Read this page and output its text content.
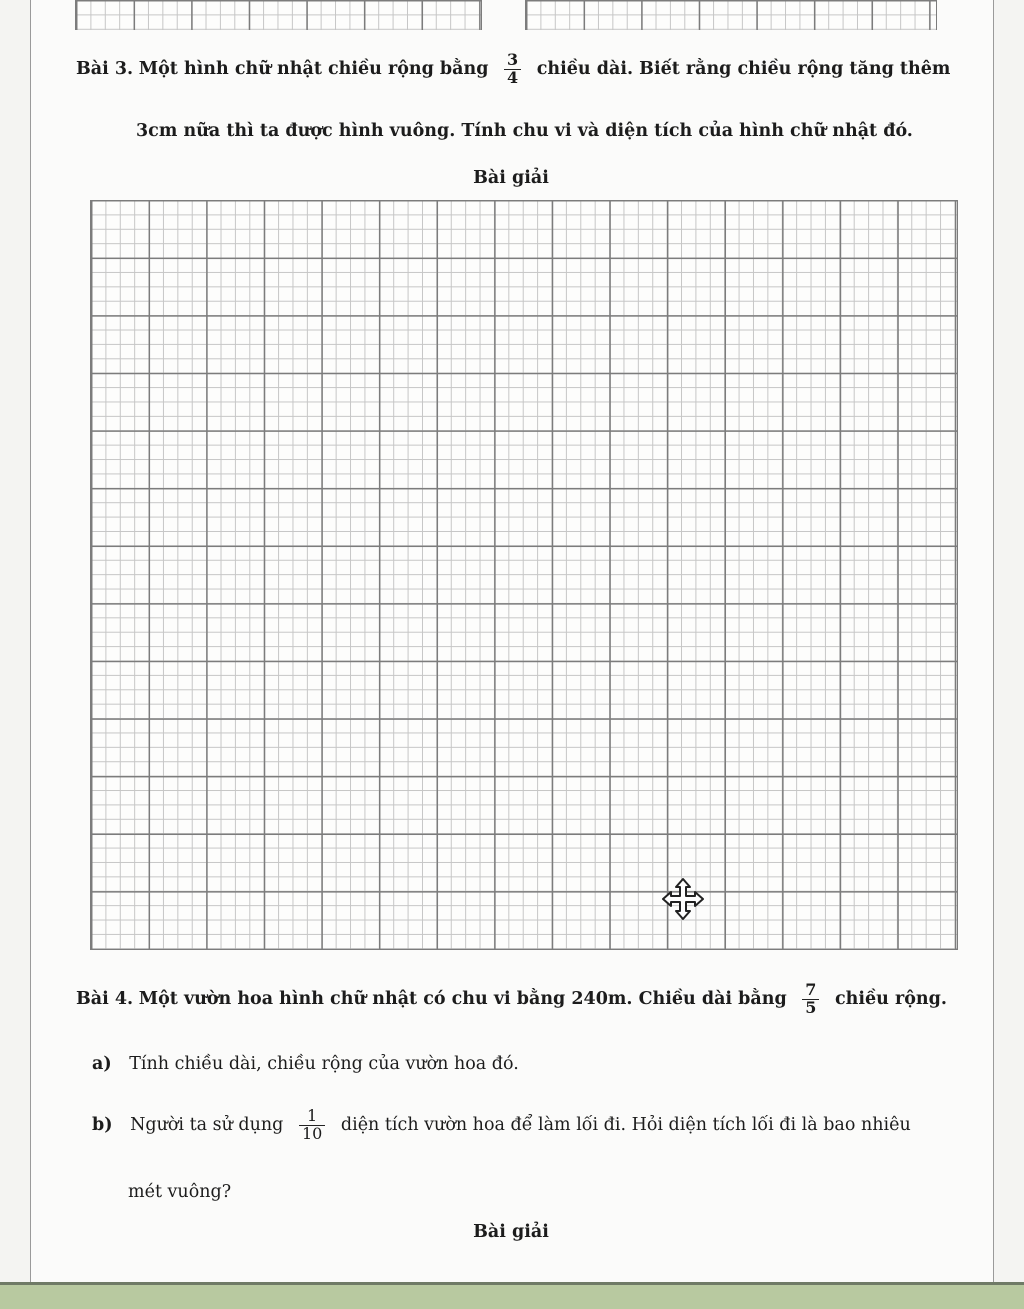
Bài 3. Một hình chữ nhật chiều rộng bằng $\frac{3}{4}$ chiều dài. Biết rằng chiều rộng tăng thêm
3cm nữa thì ta được hình vuông. Tính chu vi và diện tích của hình chữ nhật đó.
Bài giải
Bài 4. Một vườn hoa hình chữ nhật có chu vi bằng 240m. Chiều dài bằng $\frac{7}{5}$ chiều rộng.
a) Tính chiều dài, chiều rộng của vườn hoa đó.
b) Người ta sử dụng $\frac{1}{10}$ diện tích vườn hoa để làm lối đi. Hỏi diện tích lối đi là bao nhiêu
mét vuông?
Bài giải
